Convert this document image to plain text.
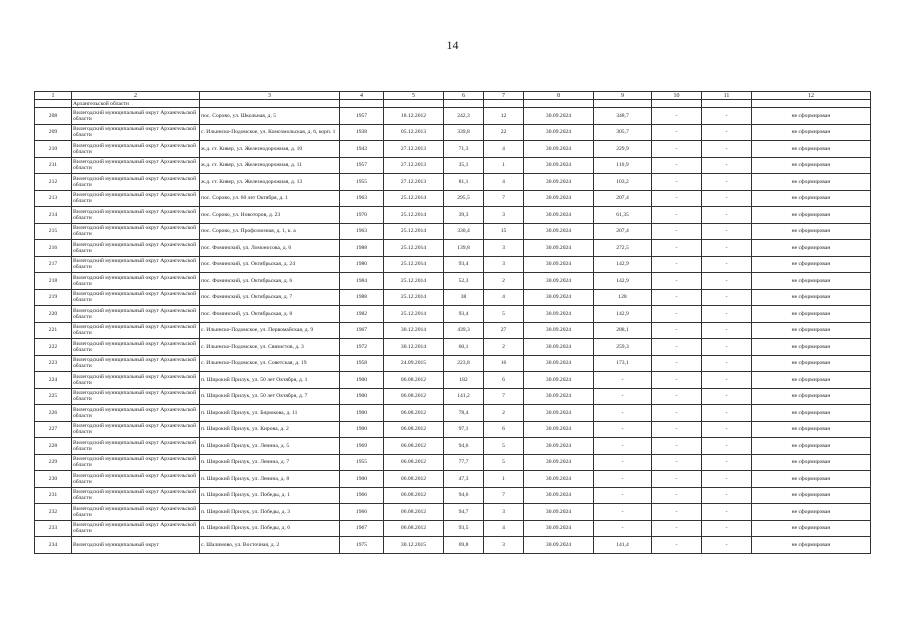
14
1	2	3	4	5	6	7	8	9	10	11	12
	Архангельской области										
208	Вилегодский муниципальный округ Архангельской области	пос. Сорово, ул. Школьная, д. 5	1957	18.12.2012	242,3	12	30.09.2024	348,7	-	-	не сформирован
209	Вилегодский муниципальный округ Архангельской области	с. Ильинско-Подомское, ул. Комсомольская, д. 6, корп. 1	1938	05.12.2013	339,8	22	30.09.2024	305,7	-	-	не сформирован
210	Вилегодский муниципальный округ Архангельской области	ж.д. ст. Кивер, ул. Железнодорожная, д. 10	1943	27.12.2013	71,3	4	30.09.2024	229,9	-	-	не сформирован
211	Вилегодский муниципальный округ Архангельской области	ж.д. ст. Кивер, ул. Железнодорожная, д. 11	1957	27.12.2013	35,1	1	30.09.2024	110,9	-	-	не сформирован
212	Вилегодский муниципальный округ Архангельской области	ж.д. ст. Кивер, ул. Железнодорожная, д. 13	1955	27.12.2013	81,1	4	30.09.2024	103,2	-	-	не сформирован
213	Вилегодский муниципальный округ Архангельской области	пос. Сорово, ул. 60 лет Октября, д. 1	1963	25.12.2014	295,5	7	30.09.2024	207,4	-	-	не сформирован
214	Вилегодский муниципальный округ Архангельской области	пос. Сорово, ул. Новоторов, д. 23	1970	25.12.2014	39,3	3	30.09.2024	61,35	-	-	не сформирован
215	Вилегодский муниципальный округ Архангельской области	пос. Сорово, ул. Профсоюзная, д. 1, к. а	1963	25.12.2014	330,4	15	30.09.2024	207,4	-	-	не сформирован
216	Вилегодский муниципальный округ Архангельской области	пос. Фоминский, ул. Ломоносова, д. 6	1988	25.12.2014	139,8	3	30.09.2024	272,5	-	-	не сформирован
217	Вилегодский муниципальный округ Архангельской области	пос. Фоминский, ул. Октябрьская, д. 24	1980	25.12.2014	93,4	3	30.09.2024	142,9	-	-	не сформирован
218	Вилегодский муниципальный округ Архангельской области	пос. Фоминский, ул. Октябрьская, д. 6	1984	25.12.2014	52,3	2	30.09.2024	142,9	-	-	не сформирован
219	Вилегодский муниципальный округ Архангельской области	пос. Фоминский, ул. Октябрьская, д. 7	1988	25.12.2014	38	4	30.09.2024	128	-	-	не сформирован
220	Вилегодский муниципальный округ Архангельской области	пос. Фоминский, ул. Октябрьская, д. 8	1982	25.12.2014	93,4	5	30.09.2024	142,9	-	-	не сформирован
221	Вилегодский муниципальный округ Архангельской области	с. Ильинско-Подомское, ул. Первомайская, д. 9	1967	30.12.2014	439,3	27	30.09.2024	288,1	-	-	не сформирован
222	Вилегодский муниципальный округ Архангельской области	с. Ильинско-Подомское, ул. Связистов, д. 3	1972	30.12.2014	60,1	2	30.09.2024	259,3	-	-	не сформирован
223	Вилегодский муниципальный округ Архангельской области	с. Ильинско-Подомское, ул. Советская, д. 19	1958	24.09.2015	223,8	16	30.09.2024	173,1	-	-	не сформирован
224	Вилегодский муниципальный округ Архангельской области	п. Широкий Прилук, ул. 50 лет Октября, д. 1	1900	06.08.2012	182	6	30.09.2024	-	-	-	не сформирован
225	Вилегодский муниципальный округ Архангельской области	п. Широкий Прилук, ул. 50 лет Октября, д. 7	1900	06.08.2012	141,2	7	30.09.2024	-	-	-	не сформирован
226	Вилегодский муниципальный округ Архангельской области	п. Широкий Прилук, ул. Бирюкова, д. 11	1900	06.08.2012	78,4	2	30.09.2024	-	-	-	не сформирован
227	Вилегодский муниципальный округ Архангельской области	п. Широкий Прилук, ул. Кирова, д. 2	1900	06.08.2012	97,1	6	30.09.2024	-	-	-	не сформирован
228	Вилегодский муниципальный округ Архангельской области	п. Широкий Прилук, ул. Ленина, д. 5	1969	06.08.2012	94,6	5	30.09.2024	-	-	-	не сформирован
229	Вилегодский муниципальный округ Архангельской области	п. Широкий Прилук, ул. Ленина, д. 7	1955	06.08.2012	77,7	5	30.09.2024	-	-	-	не сформирован
230	Вилегодский муниципальный округ Архангельской области	п. Широкий Прилук, ул. Ленина, д. 8	1900	06.08.2012	47,3	1	30.09.2024	-	-	-	не сформирован
231	Вилегодский муниципальный округ Архангельской области	п. Широкий Прилук, ул. Победы, д. 1	1966	06.08.2012	94,6	7	30.09.2024	-	-	-	не сформирован
232	Вилегодский муниципальный округ Архангельской области	п. Широкий Прилук, ул. Победы, д. 3	1966	06.08.2012	94,7	3	30.09.2024	-	-	-	не сформирован
233	Вилегодский муниципальный округ Архангельской области	п. Широкий Прилук, ул. Победы, д. 6	1967	06.08.2012	93,5	4	30.09.2024	-	-	-	не сформирован
234	Вилегодский муниципальный округ	с. Шалимово, ул. Восточная, д. 2	1975	30.12.2015	69,8	3	30.09.2024	141,4	-	-	не сформирован
